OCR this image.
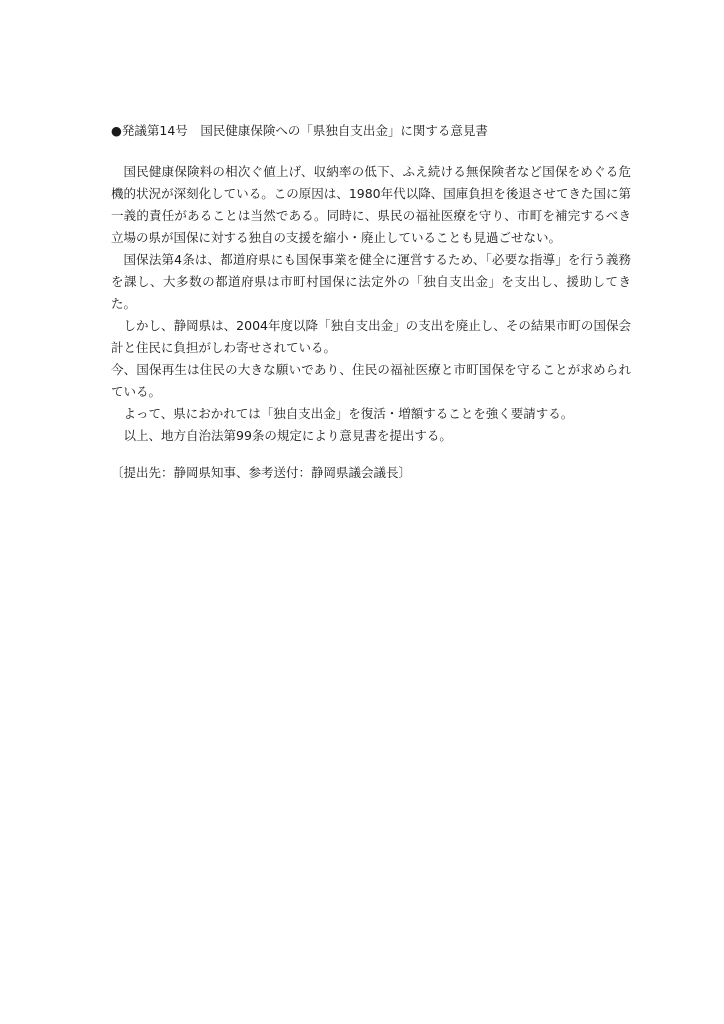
●発議第14号　国民健康保険への「県独自支出金」に関する意見書

国民健康保険料の相次ぐ値上げ、収納率の低下、ふえ続ける無保険者など国保をめぐる危機的状況が深刻化している。この原因は、1980年代以降、国庫負担を後退させてきた国に第一義的責任があることは当然である。同時に、県民の福祉医療を守り、市町を補完するべき立場の県が国保に対する独自の支援を縮小・廃止していることも見過ごせない。

国保法第4条は、都道府県にも国保事業を健全に運営するため、「必要な指導」を行う義務を課し、大多数の都道府県は市町村国保に法定外の「独自支出金」を支出し、援助してきた。

しかし、静岡県は、2004年度以降「独自支出金」の支出を廃止し、その結果市町の国保会計と住民に負担がしわ寄せされている。

今、国保再生は住民の大きな願いであり、住民の福祉医療と市町国保を守ることが求められている。

よって、県におかれては「独自支出金」を復活・増額することを強く要請する。

以上、地方自治法第99条の規定により意見書を提出する。

〔提出先：静岡県知事、参考送付：静岡県議会議長〕
